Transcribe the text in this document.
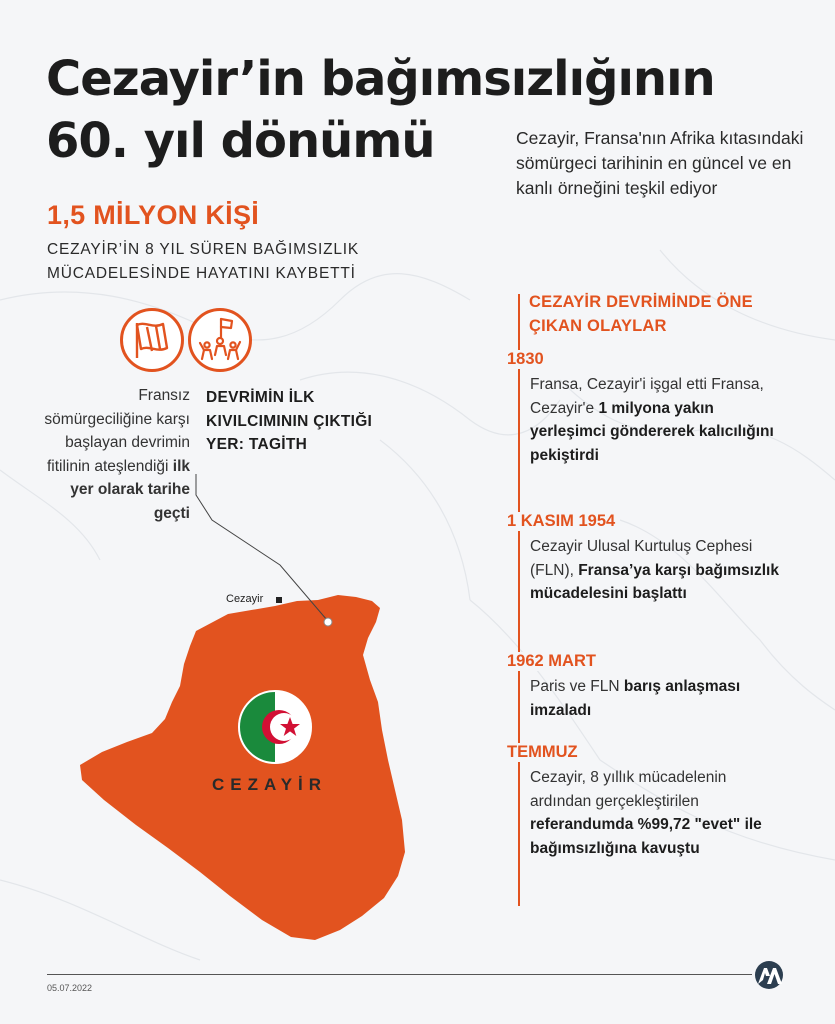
Cezayir’in bağımsızlığının
60. yıl dönümü	Cezayir, Fransa'nın Afrika kıtasındaki sömürgeci tarihinin en güncel ve en kanlı örneğini teşkil ediyor
1,5 MİLYON KİŞİ
CEZAYİR’İN 8 YIL SÜREN BAĞIMSIZLIK
MÜCADELESİNDE HAYATINI KAYBETTİ
Fransız sömürgeciliğine karşı başlayan devrimin fitilinin ateşlendiği ilk yer olarak tarihe geçti
DEVRİMİN İLK
KIVILCIMININ ÇIKTIĞI
YER: TAGİTH
Cezayir
CEZAYİR
CEZAYİR DEVRİMİNDE ÖNE
ÇIKAN OLAYLAR
1830
Fransa, Cezayir'i işgal etti Fransa, Cezayir'e 1 milyona yakın yerleşimci göndererek kalıcılığını pekiştirdi
1 KASIM 1954
Cezayir Ulusal Kurtuluş Cephesi (FLN), Fransa’ya karşı bağımsızlık mücadelesini başlattı
1962 MART
Paris ve FLN barış anlaşması imzaladı
TEMMUZ
Cezayir, 8 yıllık mücadelenin ardından gerçekleştirilen referandumda %99,72 "evet" ile bağımsızlığına kavuştu
05.07.2022
